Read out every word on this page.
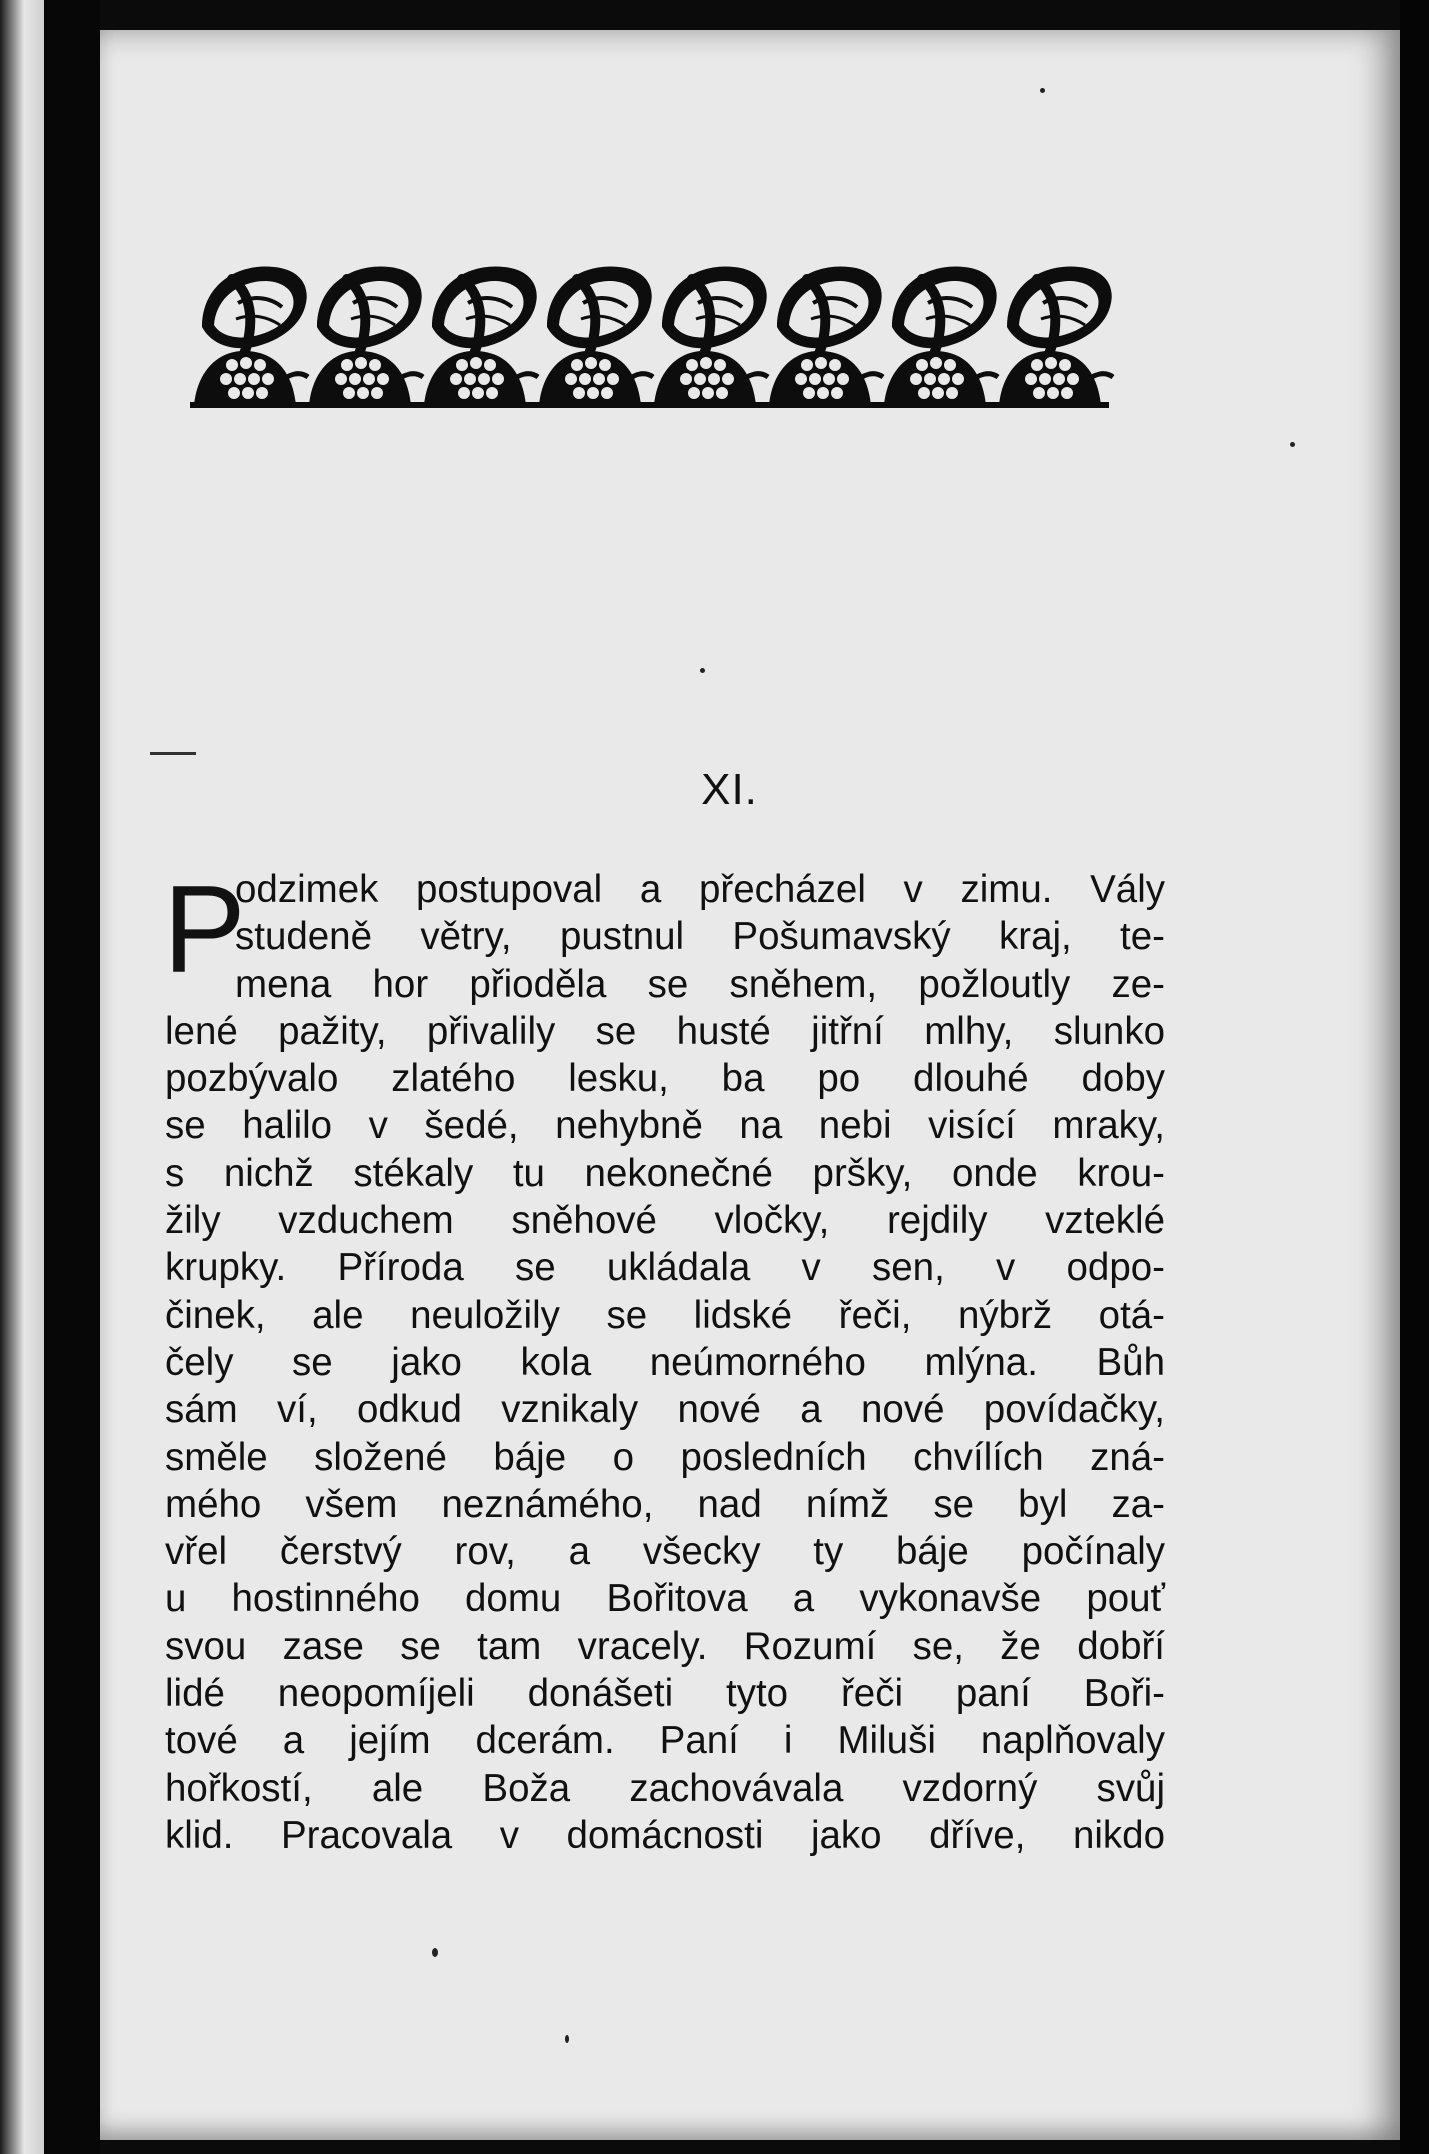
XI.
P
odzimek postupoval a přecházel v zimu. Vály
studeně větry, pustnul Pošumavský kraj, te-
mena hor přioděla se sněhem, požloutly ze-
lené pažity, přivalily se husté jitřní mlhy, slunko
pozbývalo zlatého lesku, ba po dlouhé doby
se halilo v šedé, nehybně na nebi visící mraky,
s nichž stékaly tu nekonečné pršky, onde krou-
žily vzduchem sněhové vločky, rejdily vzteklé
krupky. Příroda se ukládala v sen, v odpo-
činek, ale neuložily se lidské řeči, nýbrž otá-
čely se jako kola neúmorného mlýna. Bůh
sám ví, odkud vznikaly nové a nové povídačky,
směle složené báje o posledních chvílích zná-
mého všem neznámého, nad nímž se byl za-
vřel čerstvý rov, a všecky ty báje počínaly
u hostinného domu Bořitova a vykonavše pouť
svou zase se tam vracely. Rozumí se, že dobří
lidé neopomíjeli donášeti tyto řeči paní Boři-
tové a jejím dcerám. Paní i Miluši naplňovaly
hořkostí, ale Boža zachovávala vzdorný svůj
klid. Pracovala v domácnosti jako dříve, nikdo
